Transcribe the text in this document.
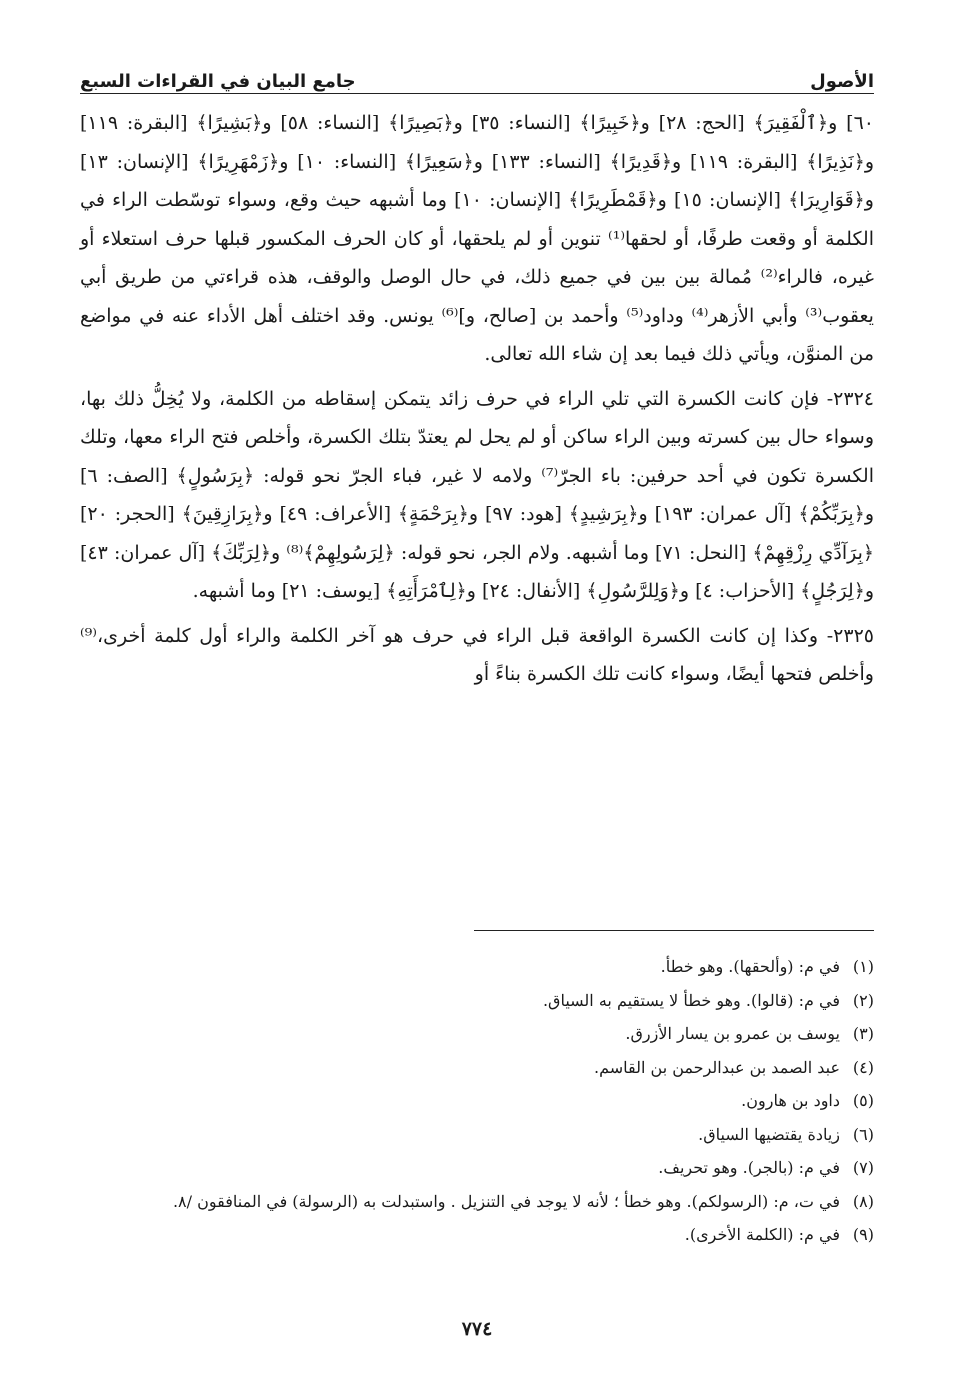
الأصول
جامع البيان في القراءات السبع

٦٠] و﴿ٱلْفَقِيرَ﴾ [الحج: ٢٨] و﴿خَبِيرًا﴾ [النساء: ٣٥] و﴿بَصِيرًا﴾ [النساء: ٥٨] و﴿بَشِيرًا﴾ [البقرة: ١١٩] و﴿نَذِيرًا﴾ [البقرة: ١١٩] و﴿قَدِيرًا﴾ [النساء: ١٣٣] و﴿سَعِيرًا﴾ [النساء: ١٠] و﴿زَمْهَرِيرًا﴾ [الإنسان: ١٣] و﴿قَوَارِيرَا﴾ [الإنسان: ١٥] و﴿قَمْطَرِيرًا﴾ [الإنسان: ١٠] وما أشبهه حيث وقع، وسواء توسّطت الراء في الكلمة أو وقعت طرفًا، أو لحقها⁽¹⁾ تنوين أو لم يلحقها، أو كان الحرف المكسور قبلها حرف استعلاء أو غيره، فالراء⁽²⁾ مُمالة بين بين في جميع ذلك، في حال الوصل والوقف، هذه قراءتي من طريق أبي يعقوب⁽³⁾ وأبي الأزهر⁽⁴⁾ وداود⁽⁵⁾ وأحمد بن [صالح، و]⁽⁶⁾ يونس. وقد اختلف أهل الأداء عنه في مواضع من المنوَّن، ويأتي ذلك فيما بعد إن شاء الله تعالى.

٢٣٢٤- فإن كانت الكسرة التي تلي الراء في حرف زائد يتمكن إسقاطه من الكلمة، ولا يُخِلُّ ذلك بها، وسواء حال بين كسرته وبين الراء ساكن أو لم يحل لم يعتدّ بتلك الكسرة، وأخلص فتح الراء معها، وتلك الكسرة تكون في أحد حرفين: باء الجرّ⁽⁷⁾ ولامه لا غير، فباء الجرّ نحو قوله: ﴿بِرَسُولٍ﴾ [الصف: ٦] و﴿بِرَبِّكُمْ﴾ [آل عمران: ١٩٣] و﴿بِرَشِيدٍ﴾ [هود: ٩٧] و﴿بِرَحْمَةٍ﴾ [الأعراف: ٤٩] و﴿بِرَازِقِينَ﴾ [الحجر: ٢٠] ﴿بِرَآدِّي رِزْقِهِمْ﴾ [النحل: ٧١] وما أشبهه. ولام الجر، نحو قوله: ﴿لِرَسُولِهِمْ﴾⁽⁸⁾ و﴿لِرَبِّكَ﴾ [آل عمران: ٤٣] و﴿لِرَجُلٍ﴾ [الأحزاب: ٤] و﴿وَلِلرَّسُولِ﴾ [الأنفال: ٢٤] و﴿لِٱمْرَأَتِهِ﴾ [يوسف: ٢١] وما أشبهه.

٢٣٢٥- وكذا إن كانت الكسرة الواقعة قبل الراء في حرف هو آخر الكلمة والراء أول كلمة أخرى،⁽⁹⁾ وأخلص فتحها أيضًا، وسواء كانت تلك الكسرة بناءً أو

(١)
في م: (وألحقها). وهو خطأ.
(٢)
في م: (قالوا). وهو خطأ لا يستقيم به السياق.
(٣)
يوسف بن عمرو بن يسار الأزرق.
(٤)
عبد الصمد بن عبدالرحمن بن القاسم.
(٥)
داود بن هارون.
(٦)
زيادة يقتضيها السياق.
(٧)
في م: (بالجر). وهو تحريف.
(٨)
في ت، م: (الرسولكم). وهو خطأ ؛ لأنه لا يوجد في التنزيل . واستبدلت به (الرسولة) في المنافقون /٨.
(٩)
في م: (الكلمة الأخرى).
٧٧٤
